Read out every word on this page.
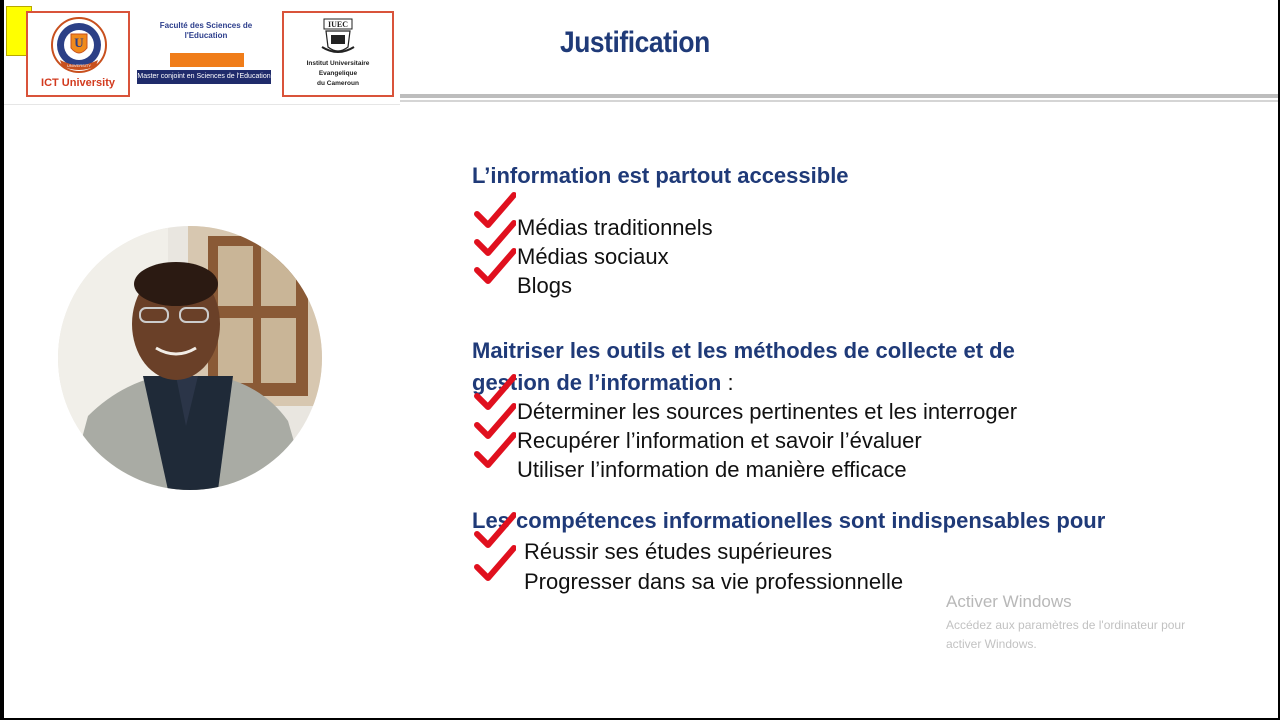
U
UNIVERSITY
ICT University
Faculté des Sciences de
l'Education
Master conjoint en Sciences de l'Education
IUEC
Institut Universitaire
Evangelique
du Cameroun
Justification
L’information est partout accessible
Médias traditionnels
Médias sociaux
Blogs
Maitriser les outils et les méthodes de collecte et de
gestion de l’information :
Déterminer les sources pertinentes et les interroger
Recupérer l’information et savoir l’évaluer
Utiliser l’information de manière efficace
Les compétences informationelles sont indispensables pour
Réussir ses études supérieures
Progresser dans sa vie professionnelle
Activer Windows
Accédez aux paramètres de l'ordinateur pour
activer Windows.
